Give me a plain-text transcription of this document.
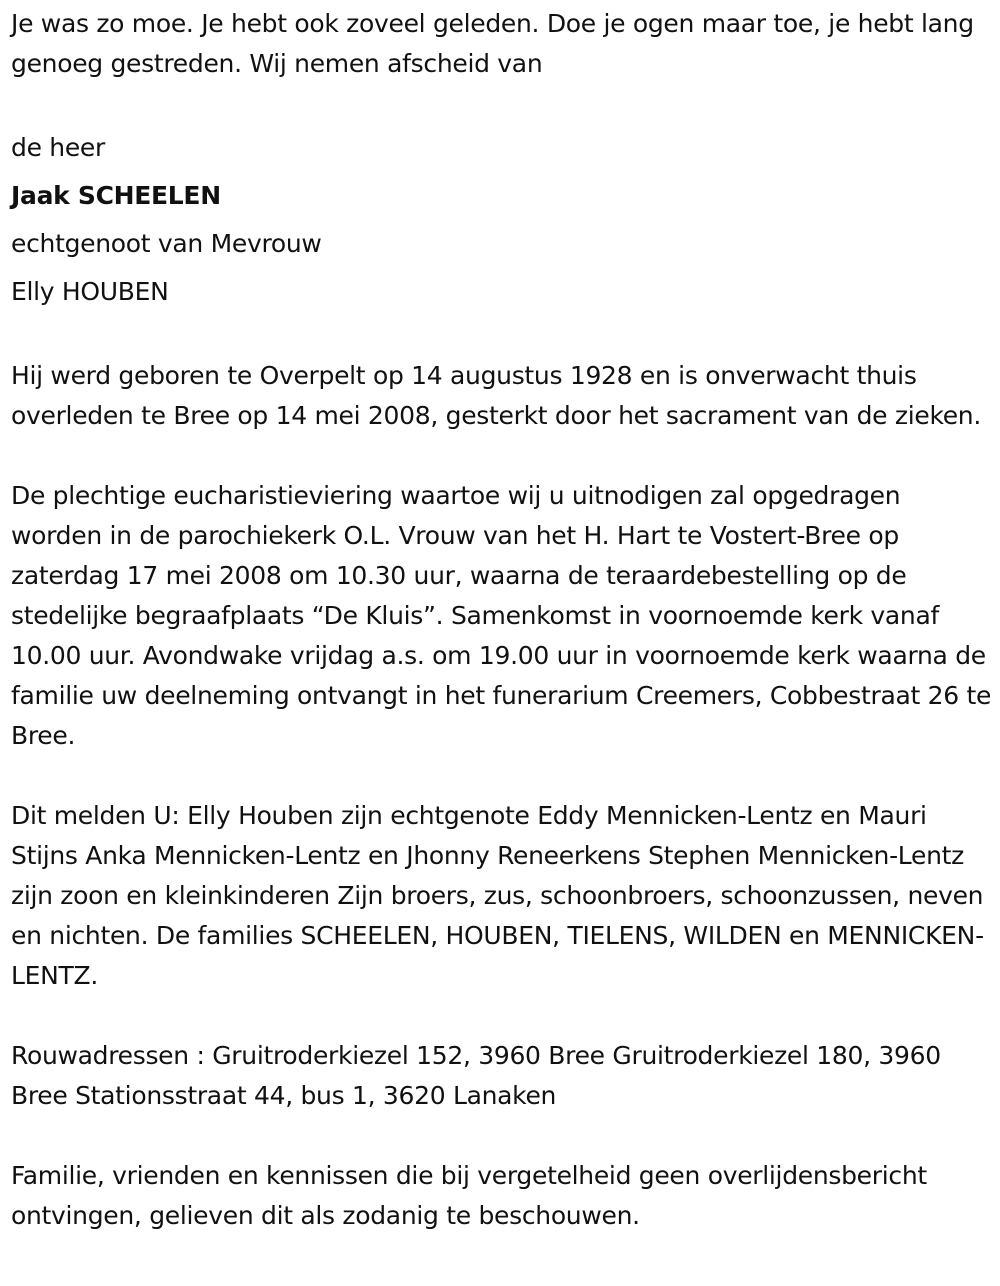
Je was zo moe. Je hebt ook zoveel geleden. Doe je ogen maar toe, je hebt lang genoeg gestreden. Wij nemen afscheid van

de heer

Jaak SCHEELEN

echtgenoot van Mevrouw

Elly HOUBEN

Hij werd geboren te Overpelt op 14 augustus 1928 en is onverwacht thuis overleden te Bree op 14 mei 2008, gesterkt door het sacrament van de zieken.

De plechtige eucharistieviering waartoe wij u uitnodigen zal opgedragen worden in de parochiekerk O.L. Vrouw van het H. Hart te Vostert-Bree op zaterdag 17 mei 2008 om 10.30 uur, waarna de teraardebestelling op de stedelijke begraafplaats “De Kluis”. Samenkomst in voornoemde kerk vanaf 10.00 uur. Avondwake vrijdag a.s. om 19.00 uur in voornoemde kerk waarna de familie uw deelneming ontvangt in het funerarium Creemers, Cobbestraat 26 te Bree.

Dit melden U: Elly Houben zijn echtgenote Eddy Mennicken-Lentz en Mauri Stijns Anka Mennicken-Lentz en Jhonny Reneerkens Stephen Mennicken-Lentz zijn zoon en kleinkinderen Zijn broers, zus, schoonbroers, schoonzussen, neven en nichten. De families SCHEELEN, HOUBEN, TIELENS, WILDEN en MENNICKEN-LENTZ.

Rouwadressen : Gruitroderkiezel 152, 3960 Bree Gruitroderkiezel 180, 3960 Bree Stationsstraat 44, bus 1, 3620 Lanaken

Familie, vrienden en kennissen die bij vergetelheid geen overlijdensbericht ontvingen, gelieven dit als zodanig te beschouwen.
